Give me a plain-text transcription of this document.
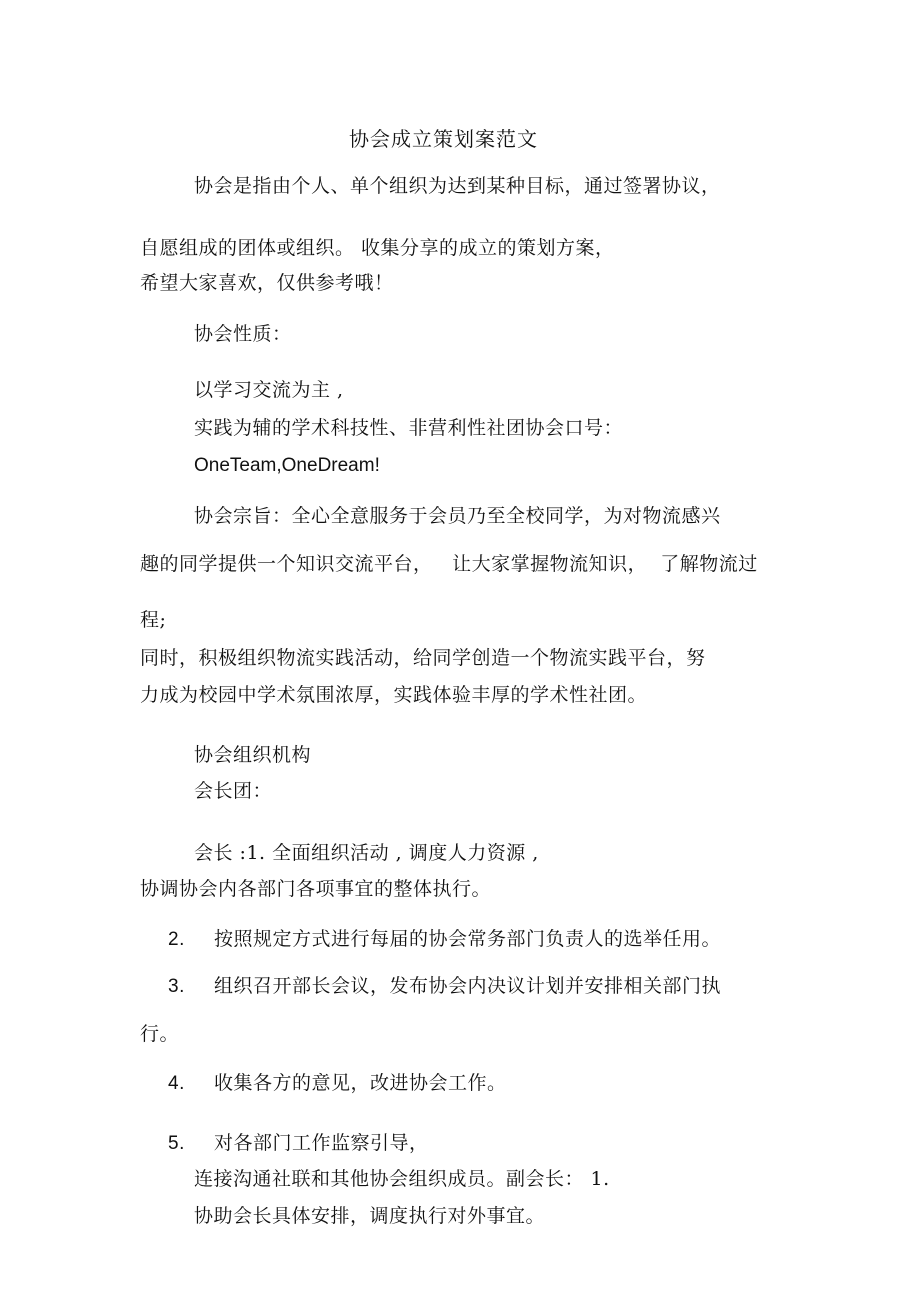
协会成立策划案范文
协会是指由个人、单个组织为达到某种目标，通过签署协议，
自愿组成的团体或组织。 收集分享的成立的策划方案，
希望大家喜欢，仅供参考哦！
协会性质：
以学习交流为主 ,
实践为辅的学术科技性、非营利性社团协会口号：
OneTeam,OneDream!
协会宗旨：全心全意服务于会员乃至全校同学，为对物流感兴
趣的同学提供一个知识交流平台，   让大家掌握物流知识，  了解物流过
程;
同时，积极组织物流实践活动，给同学创造一个物流实践平台，努
力成为校园中学术氛围浓厚，实践体验丰厚的学术性社团。
协会组织机构
会长团：
会长 :1. 全面组织活动 , 调度人力资源 ,
协调协会内各部门各项事宜的整体执行。
2. 按照规定方式进行每届的协会常务部门负责人的选举任用。
3. 组织召开部长会议，发布协会内决议计划并安排相关部门执
行。
4. 收集各方的意见，改进协会工作。
5. 对各部门工作监察引导，
连接沟通社联和其他协会组织成员。副会长： 1.
协助会长具体安排，调度执行对外事宜。
